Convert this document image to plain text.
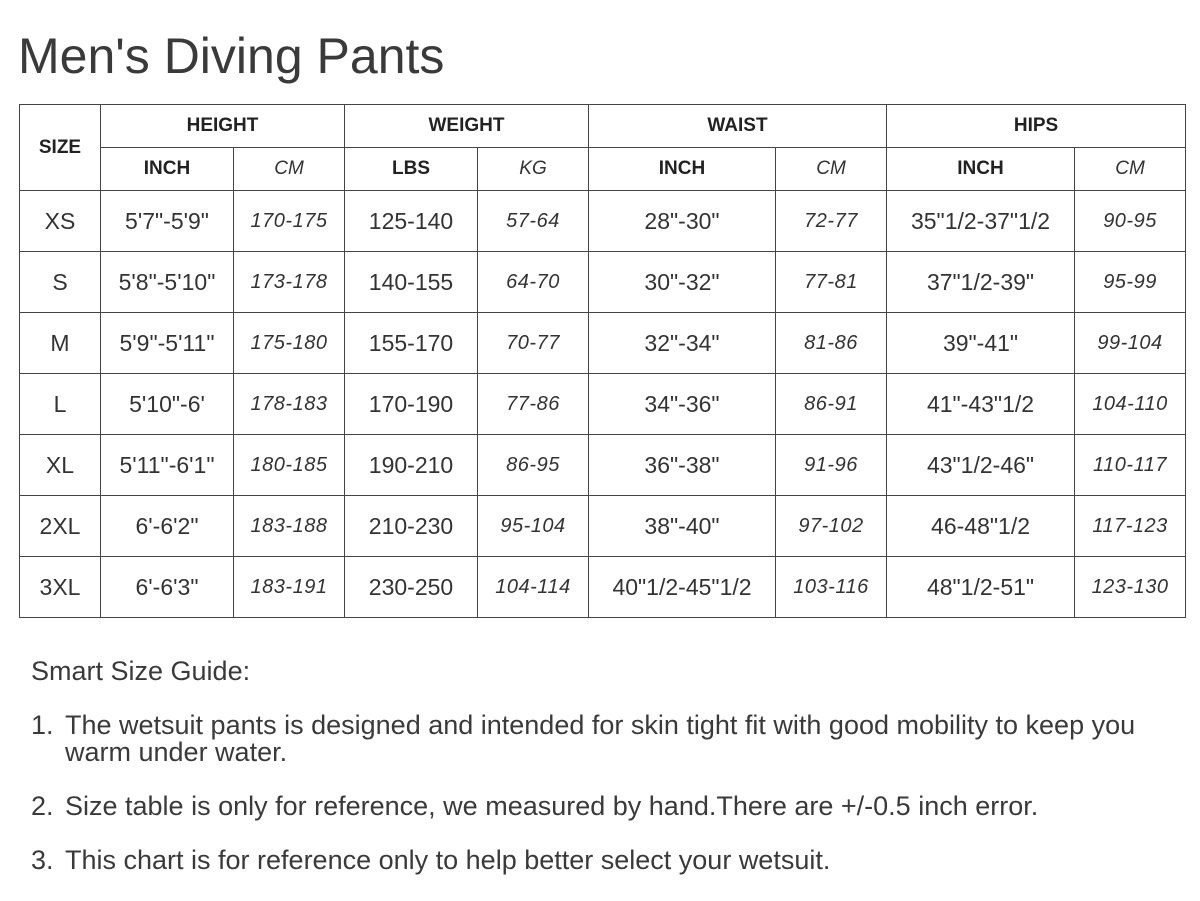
Men's Diving Pants
SIZE	HEIGHT		WEIGHT		WAIST		HIPS	
	INCH	CM	LBS	KG	INCH	CM	INCH	CM
XS	5'7"-5'9"	170-175	125-140	57-64	28"-30"	72-77	35"1/2-37"1/2	90-95
S	5'8"-5'10"	173-178	140-155	64-70	30"-32"	77-81	37"1/2-39"	95-99
M	5'9"-5'11"	175-180	155-170	70-77	32"-34"	81-86	39"-41"	99-104
L	5'10"-6'	178-183	170-190	77-86	34"-36"	86-91	41"-43"1/2	104-110
XL	5'11"-6'1"	180-185	190-210	86-95	36"-38"	91-96	43"1/2-46"	110-117
2XL	6'-6'2"	183-188	210-230	95-104	38"-40"	97-102	46-48"1/2	117-123
3XL	6'-6'3"	183-191	230-250	104-114	40"1/2-45"1/2	103-116	48"1/2-51"	123-130
Smart Size Guide:
1. The wetsuit pants is designed and intended for skin tight fit with good mobility to keep you warm under water.
2. Size table is only for reference, we measured by hand.There are +/-0.5 inch error.
3. This chart is for reference only to help better select your wetsuit.
